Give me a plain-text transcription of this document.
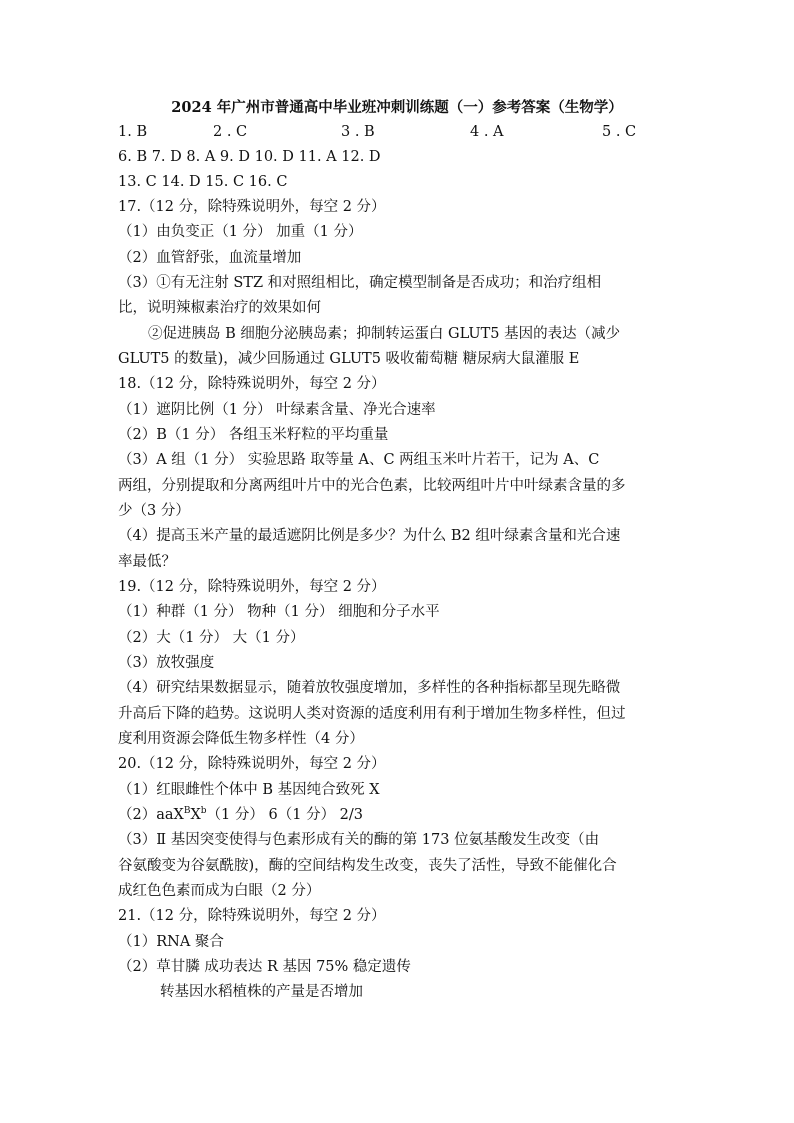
2024 年广州市普通高中毕业班冲刺训练题（一）参考答案（生物学）
1. B	2 . C	3 . B	4 . A	5 . C
6. B 7. D 8. A 9. D 10. D 11. A 12. D
13. C 14. D 15. C 16. C
17.（12 分，除特殊说明外，每空 2 分）
（1）由负变正（1 分） 加重（1 分）
（2）血管舒张，血流量增加
（3）①有无注射 STZ 和对照组相比，确定模型制备是否成功；和治疗组相
比，说明辣椒素治疗的效果如何
②促进胰岛 B 细胞分泌胰岛素；抑制转运蛋白 GLUT5 基因的表达（减少
GLUT5 的数量)，减少回肠通过 GLUT5 吸收葡萄糖 糖尿病大鼠灌服 E
18.（12 分，除特殊说明外，每空 2 分）
（1）遮阴比例（1 分） 叶绿素含量、净光合速率
（2）B（1 分） 各组玉米籽粒的平均重量
（3）A 组（1 分） 实验思路 取等量 A、C 两组玉米叶片若干，记为 A、C
两组，分别提取和分离两组叶片中的光合色素，比较两组叶片中叶绿素含量的多
少（3 分）
（4）提高玉米产量的最适遮阴比例是多少？为什么 B2 组叶绿素含量和光合速
率最低？
19.（12 分，除特殊说明外，每空 2 分）
（1）种群（1 分） 物种（1 分） 细胞和分子水平
（2）大（1 分） 大（1 分）
（3）放牧强度
（4）研究结果数据显示，随着放牧强度增加，多样性的各种指标都呈现先略微
升高后下降的趋势。这说明人类对资源的适度利用有利于增加生物多样性，但过
度利用资源会降低生物多样性（4 分）
20.（12 分，除特殊说明外，每空 2 分）
（1）红眼雌性个体中 B 基因纯合致死 X
$(2)aaX^BX^b(1$ 分） 6（1 分） 2/3
（3）Ⅱ 基因突变使得与色素形成有关的酶的第 173 位氨基酸发生改变（由
谷氨酸变为谷氨酰胺)，酶的空间结构发生改变，丧失了活性，导致不能催化合
成红色色素而成为白眼（2 分）
21.（12 分，除特殊说明外，每空 2 分）
（1）RNA 聚合
（2）草甘膦 成功表达 R 基因 75% 稳定遗传
转基因水稻植株的产量是否增加
